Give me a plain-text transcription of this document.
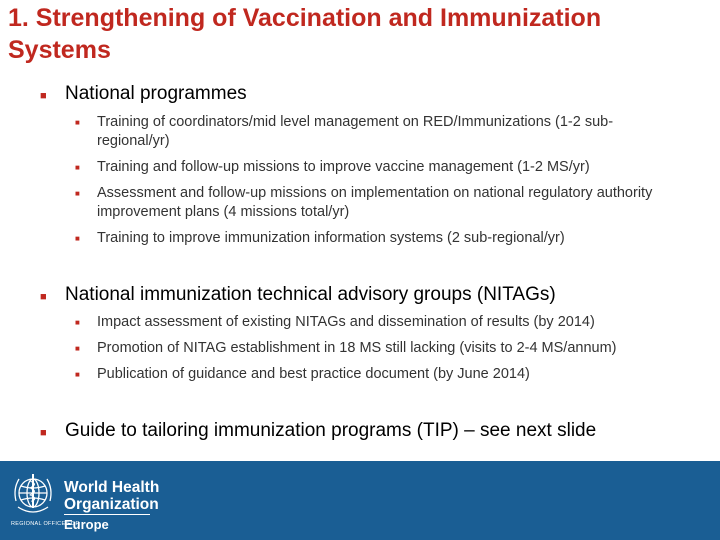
1. Strengthening of Vaccination and Immunization Systems
■ National programmes
■ Training of coordinators/mid level management on RED/Immunizations (1-2 sub-regional/yr)
■ Training and follow-up missions to improve vaccine management (1-2 MS/yr)
■ Assessment and follow-up missions on implementation on national regulatory authority improvement plans (4 missions total/yr)
■ Training to improve immunization information systems (2 sub-regional/yr)
■ National immunization technical advisory groups (NITAGs)
■ Impact assessment of existing NITAGs and dissemination of results (by 2014)
■ Promotion of NITAG establishment in 18 MS still lacking (visits to 2-4 MS/annum)
■ Publication of guidance and best practice document (by June 2014)
■ Guide to tailoring immunization programs (TIP) – see next slide
World Health Organization
Europe
REGIONAL OFFICE FOR
